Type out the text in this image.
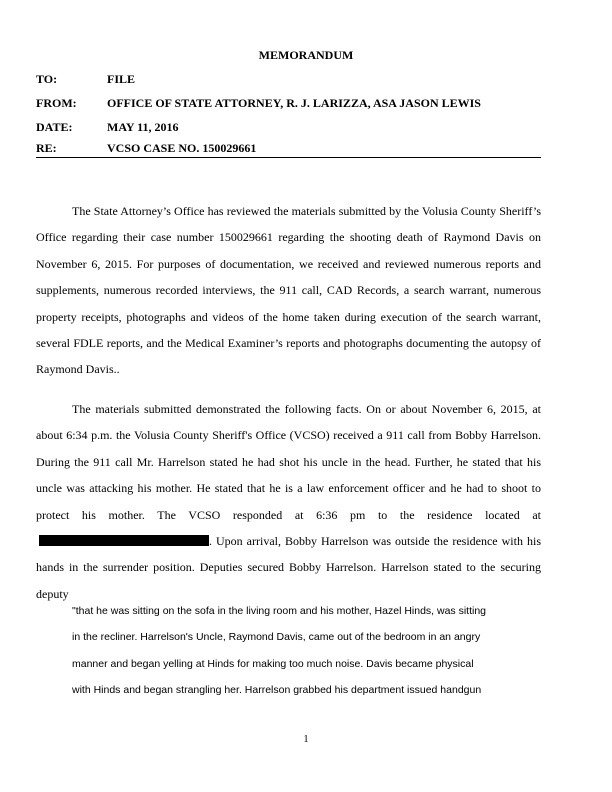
MEMORANDUM
TO:	FILE
FROM:	OFFICE OF STATE ATTORNEY, R. J. LARIZZA, ASA JASON LEWIS
DATE:	MAY 11, 2016
RE:	VCSO CASE NO. 150029661

The State Attorney’s Office has reviewed the materials submitted by the Volusia County Sheriff’s Office regarding their case number 150029661 regarding the shooting death of Raymond Davis on November 6, 2015. For purposes of documentation, we received and reviewed numerous reports and supplements, numerous recorded interviews, the 911 call, CAD Records, a search warrant, numerous property receipts, photographs and videos of the home taken during execution of the search warrant, several FDLE reports, and the Medical Examiner’s reports and photographs documenting the autopsy of Raymond Davis..

The materials submitted demonstrated the following facts. On or about November 6, 2015, at about 6:34 p.m. the Volusia County Sheriff's Office (VCSO) received a 911 call from Bobby Harrelson. During the 911 call Mr. Harrelson stated he had shot his uncle in the head. Further, he stated that his uncle was attacking his mother. He stated that he is a law enforcement officer and he had to shoot to protect his mother. The VCSO responded at 6:36 pm to the residence located at. Upon arrival, Bobby Harrelson was outside the residence with his hands in the surrender position. Deputies secured Bobby Harrelson. Harrelson stated to the securing deputy

"that he was sitting on the sofa in the living room and his mother, Hazel Hinds, was sitting
in the recliner. Harrelson's Uncle, Raymond Davis, came out of the bedroom in an angry
manner and began yelling at Hinds for making too much noise. Davis became physical
with Hinds and began strangling her. Harrelson grabbed his department issued handgun
1
